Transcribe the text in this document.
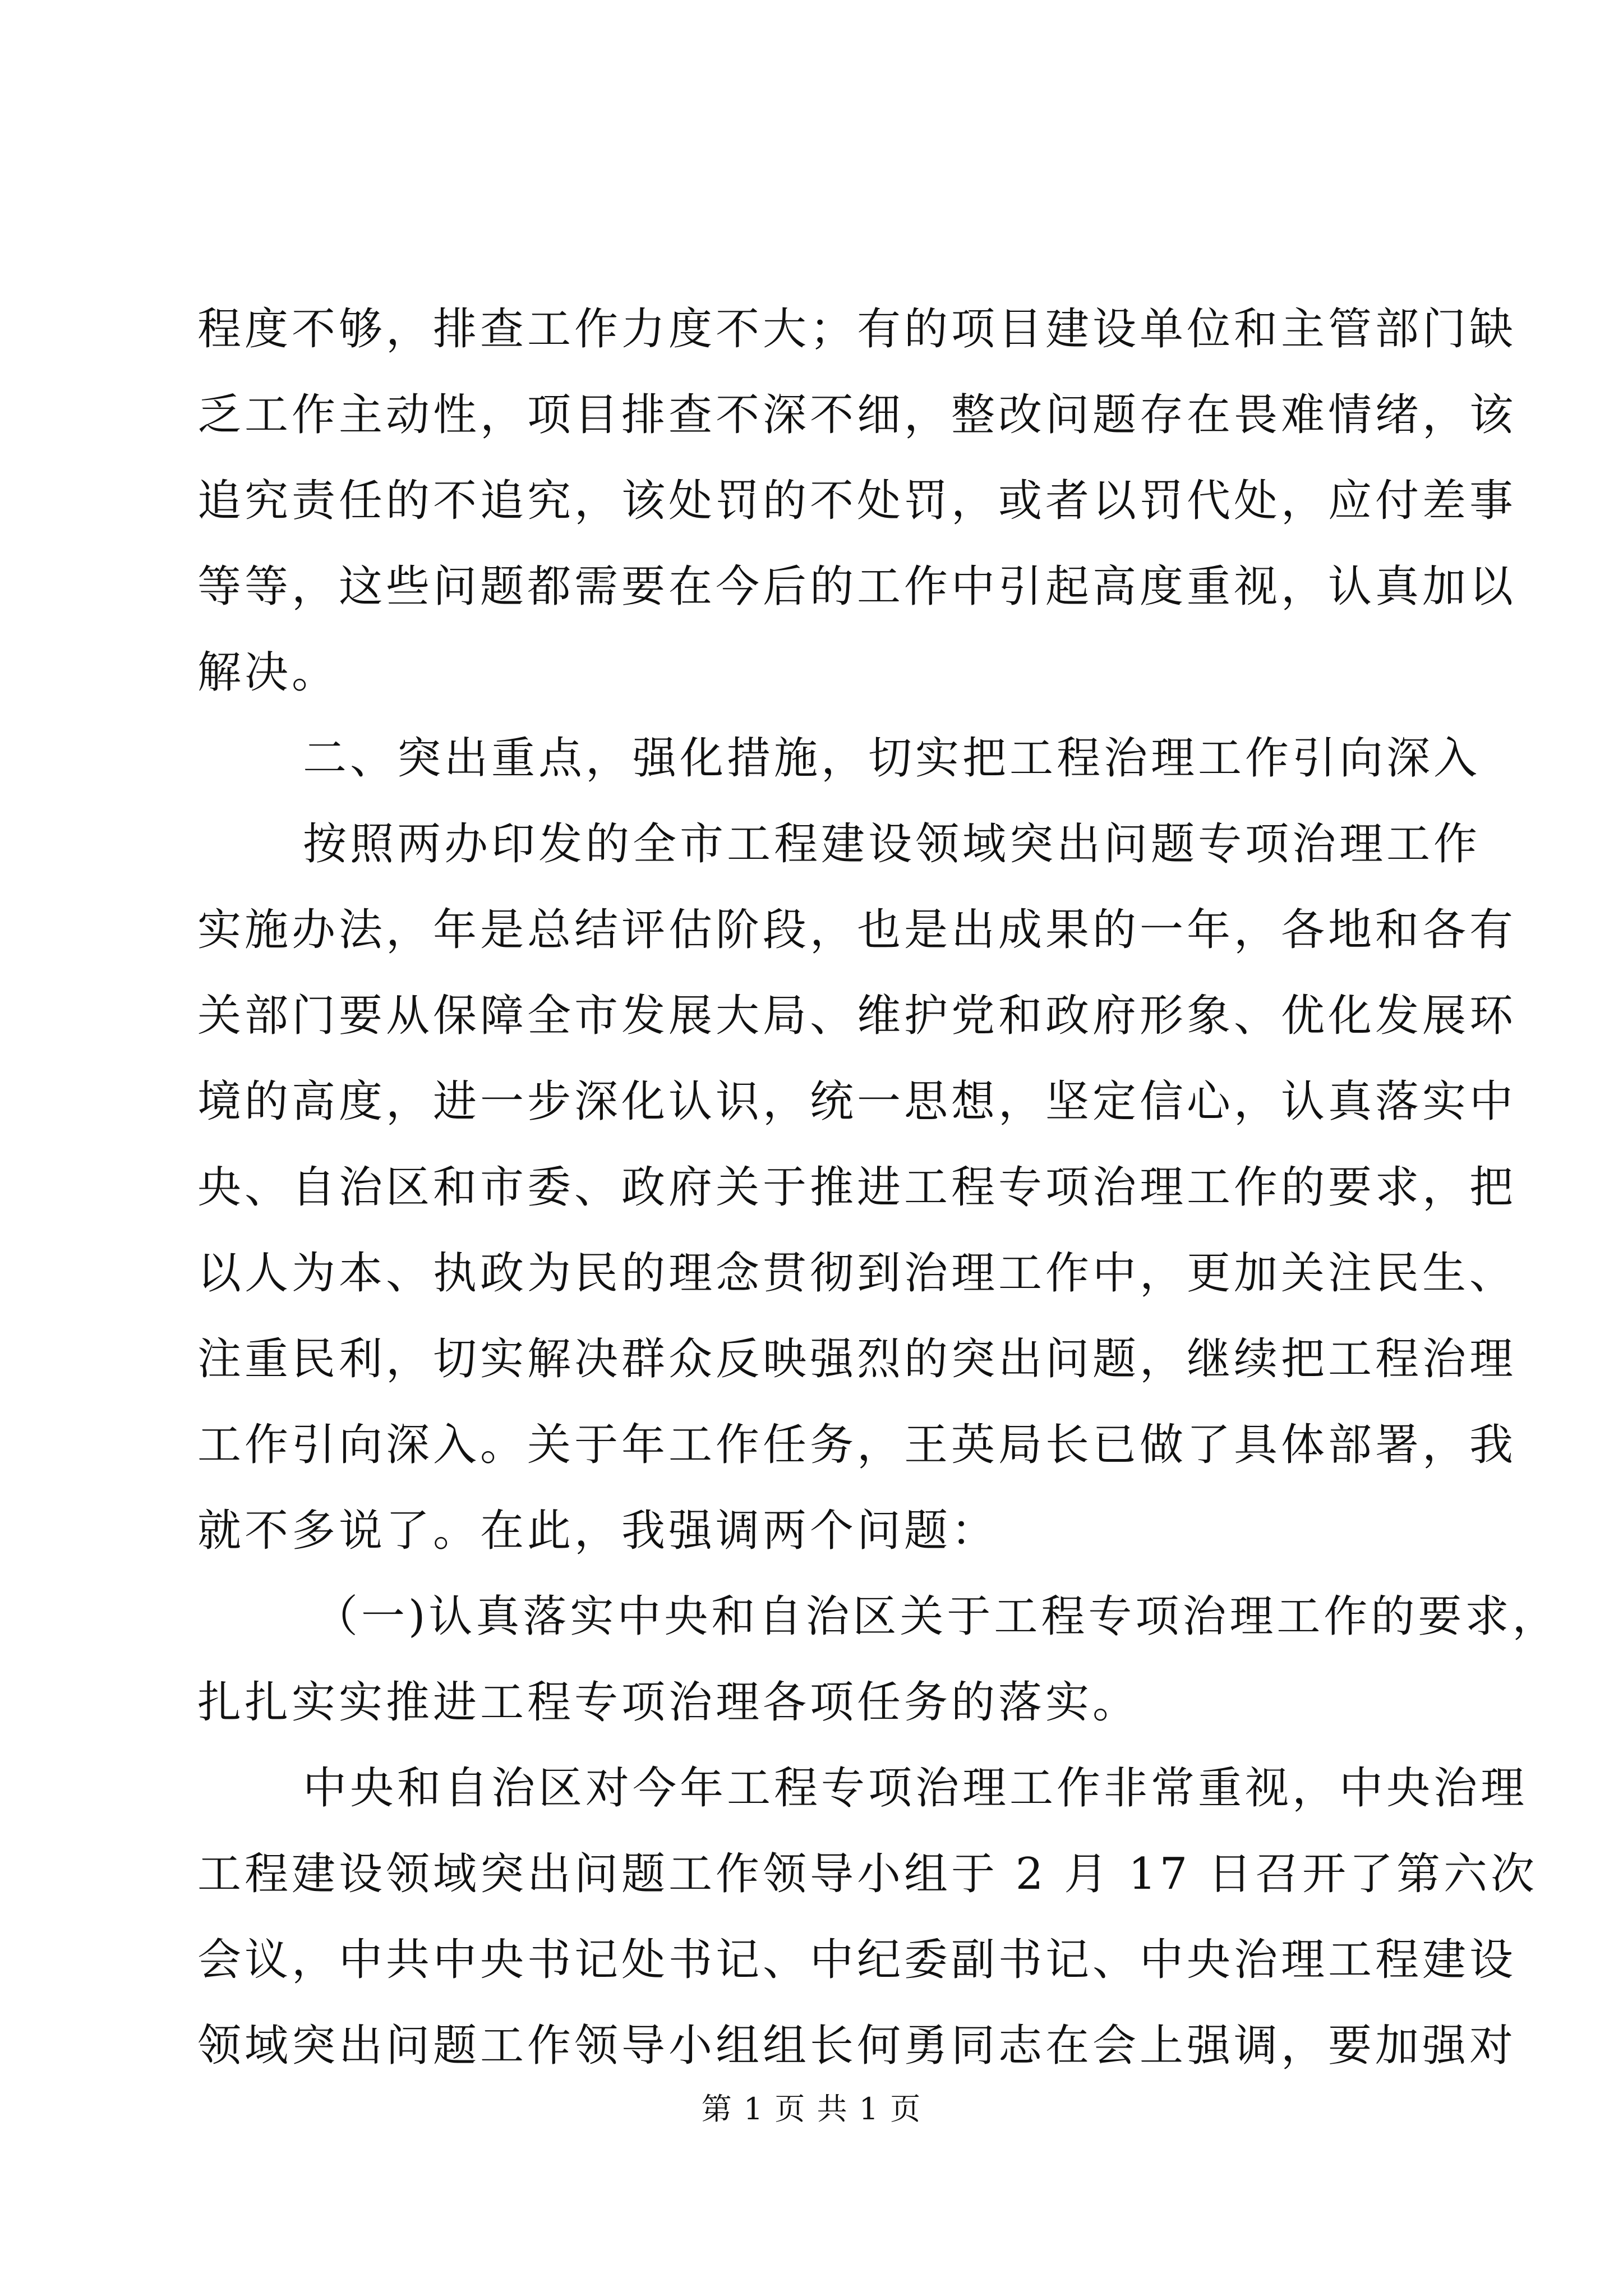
程度不够，排查工作力度不大；有的项目建设单位和主管部门缺
乏工作主动性，项目排查不深不细，整改问题存在畏难情绪，该
追究责任的不追究，该处罚的不处罚，或者以罚代处，应付差事
等等，这些问题都需要在今后的工作中引起高度重视，认真加以
解决。
二、突出重点，强化措施，切实把工程治理工作引向深入
按照两办印发的全市工程建设领域突出问题专项治理工作
实施办法，年是总结评估阶段，也是出成果的一年，各地和各有
关部门要从保障全市发展大局、维护党和政府形象、优化发展环
境的高度，进一步深化认识，统一思想，坚定信心，认真落实中
央、自治区和市委、政府关于推进工程专项治理工作的要求，把
以人为本、执政为民的理念贯彻到治理工作中，更加关注民生、
注重民利，切实解决群众反映强烈的突出问题，继续把工程治理
工作引向深入。关于年工作任务，王英局长已做了具体部署，我
就不多说了。在此，我强调两个问题：
（一)认真落实中央和自治区关于工程专项治理工作的要求，
扎扎实实推进工程专项治理各项任务的落实。
中央和自治区对今年工程专项治理工作非常重视，中央治理
工程建设领域突出问题工作领导小组于 2 月 17 日召开了第六次
会议，中共中央书记处书记、中纪委副书记、中央治理工程建设
领域突出问题工作领导小组组长何勇同志在会上强调，要加强对
第 1 页 共 1 页
